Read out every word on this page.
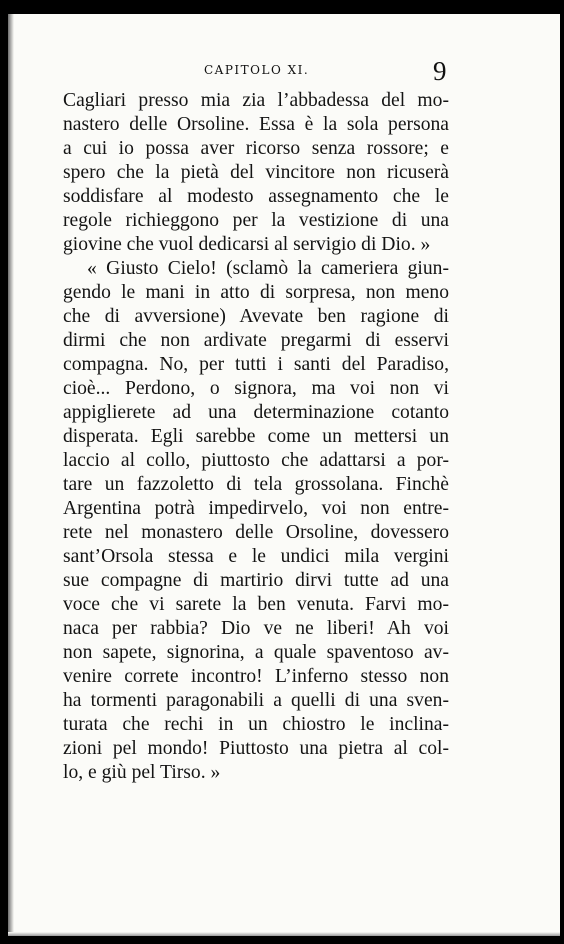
CAPITOLO XI.	9
Cagliari presso mia zia l’abbadessa del mo-
nastero delle Orsoline. Essa è la sola persona
a cui io possa aver ricorso senza rossore; e
spero che la pietà del vincitore non ricuserà
soddisfare al modesto assegnamento che le
regole richieggono per la vestizione di una
giovine che vuol dedicarsi al servigio di Dio. »
« Giusto Cielo! (sclamò la cameriera giun-
gendo le mani in atto di sorpresa, non meno
che di avversione) Avevate ben ragione di
dirmi che non ardivate pregarmi di esservi
compagna. No, per tutti i santi del Paradiso,
cioè... Perdono, o signora, ma voi non vi
appiglierete ad una determinazione cotanto
disperata. Egli sarebbe come un mettersi un
laccio al collo, piuttosto che adattarsi a por-
tare un fazzoletto di tela grossolana. Finchè
Argentina potrà impedirvelo, voi non entre-
rete nel monastero delle Orsoline, dovessero
sant’Orsola stessa e le undici mila vergini
sue compagne di martirio dirvi tutte ad una
voce che vi sarete la ben venuta. Farvi mo-
naca per rabbia? Dio ve ne liberi! Ah voi
non sapete, signorina, a quale spaventoso av-
venire correte incontro! L’inferno stesso non
ha tormenti paragonabili a quelli di una sven-
turata che rechi in un chiostro le inclina-
zioni pel mondo! Piuttosto una pietra al col-
lo, e giù pel Tirso. »
